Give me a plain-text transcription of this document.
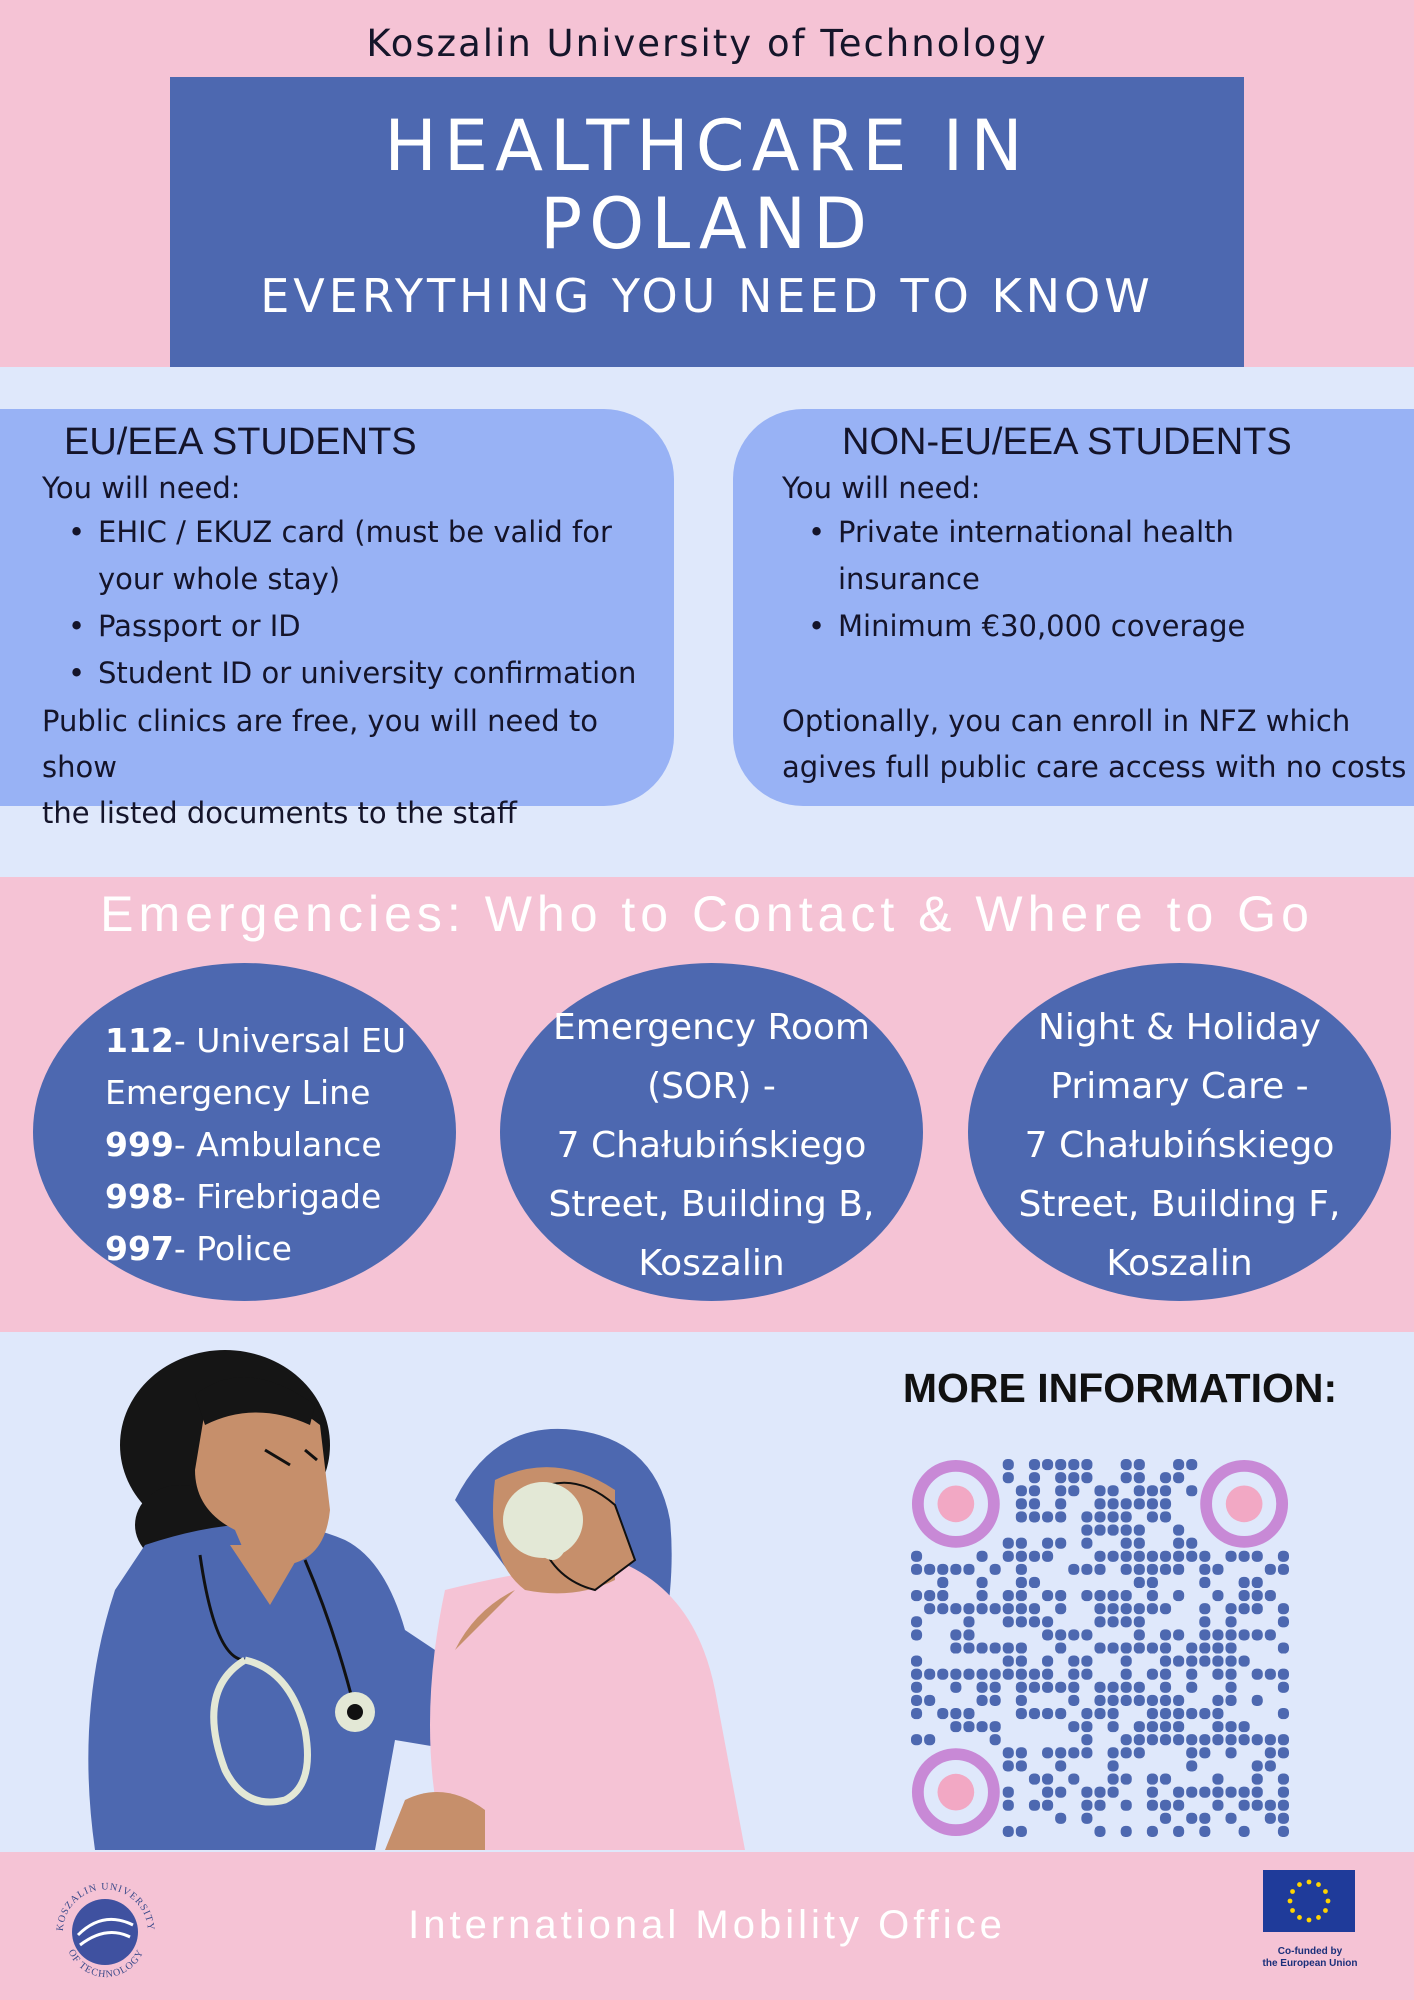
Koszalin University of Technology
HEALTHCARE IN
POLAND
EVERYTHING YOU NEED TO KNOW
EU/EEA STUDENTS
You will need:
• EHIC / EKUZ card (must be valid for
your whole stay)
• Passport or ID
• Student ID or university confirmation
Public clinics are free, you will need to show
the listed documents to the staff
NON-EU/EEA STUDENTS
You will need:
• Private international health
insurance
• Minimum €30,000 coverage
Optionally, you can enroll in NFZ which
agives full public care access with no costs
Emergencies: Who to Contact & Where to Go
112- Universal EU
Emergency Line
999- Ambulance
998- Firebrigade
997- Police
Emergency Room
(SOR) -
7 Chałubińskiego
Street, Building B,
Koszalin
Night & Holiday
Primary Care -
7 Chałubińskiego
Street, Building F,
Koszalin
MORE INFORMATION:
KOSZALIN UNIVERSITY
OF TECHNOLOGY
International Mobility Office
Co-funded by
the European Union
